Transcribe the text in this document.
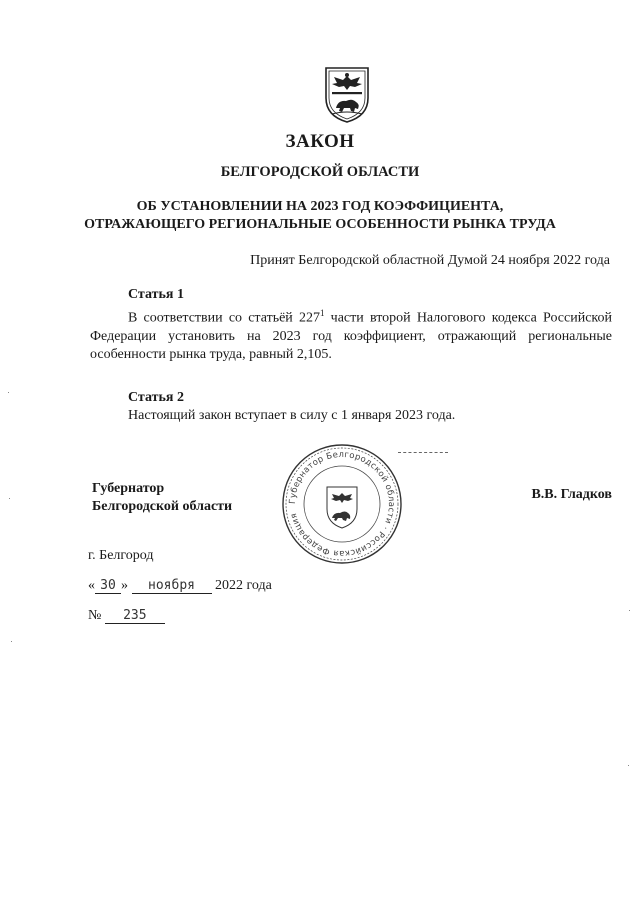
ЗАКОН
БЕЛГОРОДСКОЙ ОБЛАСТИ
ОБ УСТАНОВЛЕНИИ НА 2023 ГОД КОЭФФИЦИЕНТА,
ОТРАЖАЮЩЕГО РЕГИОНАЛЬНЫЕ ОСОБЕННОСТИ РЫНКА ТРУДА
Принят Белгородской областной Думой 24 ноября 2022 года
Статья 1
В соответствии со статьёй $227^1$ части второй Налогового кодекса Российской Федерации установить на 2023 год коэффициент, отражающий региональные особенности рынка труда, равный 2,105.
Статья 2
Настоящий закон вступает в силу с 1 января 2023 года.
Губернатор
Белгородской области
В.В. Гладков
Губернатор Белгородской области · Российская Федерация
г. Белгород
« 30 » ноября 2022 года
№ 235
